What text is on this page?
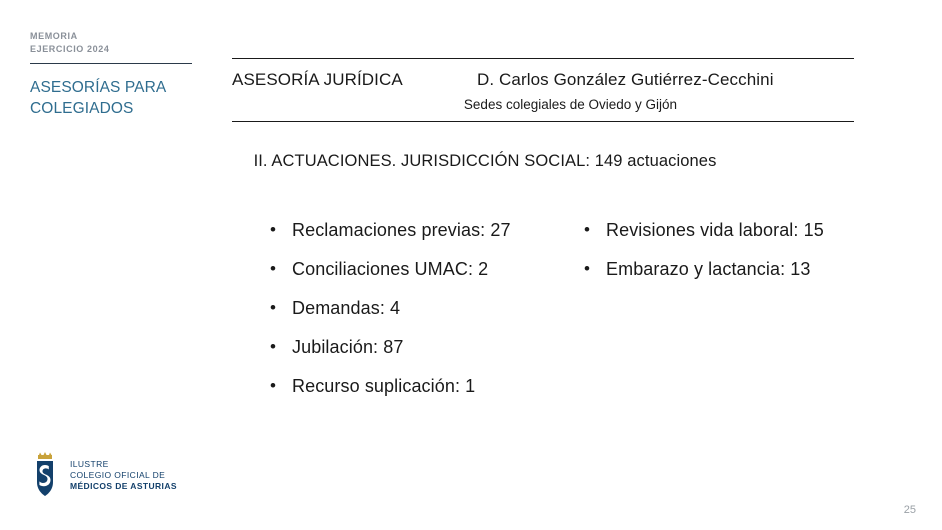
MEMORIA
EJERCICIO 2024
ASESORÍAS PARA
COLEGIADOS
ASESORÍA JURÍDICA	D. Carlos González Gutiérrez-Cecchini
Sedes colegiales de Oviedo y Gijón
II. ACTUACIONES. JURISDICCIÓN SOCIAL: 149 actuaciones
• Reclamaciones previas: 27
• Conciliaciones UMAC: 2
• Demandas: 4
• Jubilación: 87
• Recurso suplicación: 1
• Revisiones vida laboral: 15
• Embarazo y lactancia: 13
ILUSTRE
COLEGIO OFICIAL DE
MÉDICOS DE ASTURIAS
25
